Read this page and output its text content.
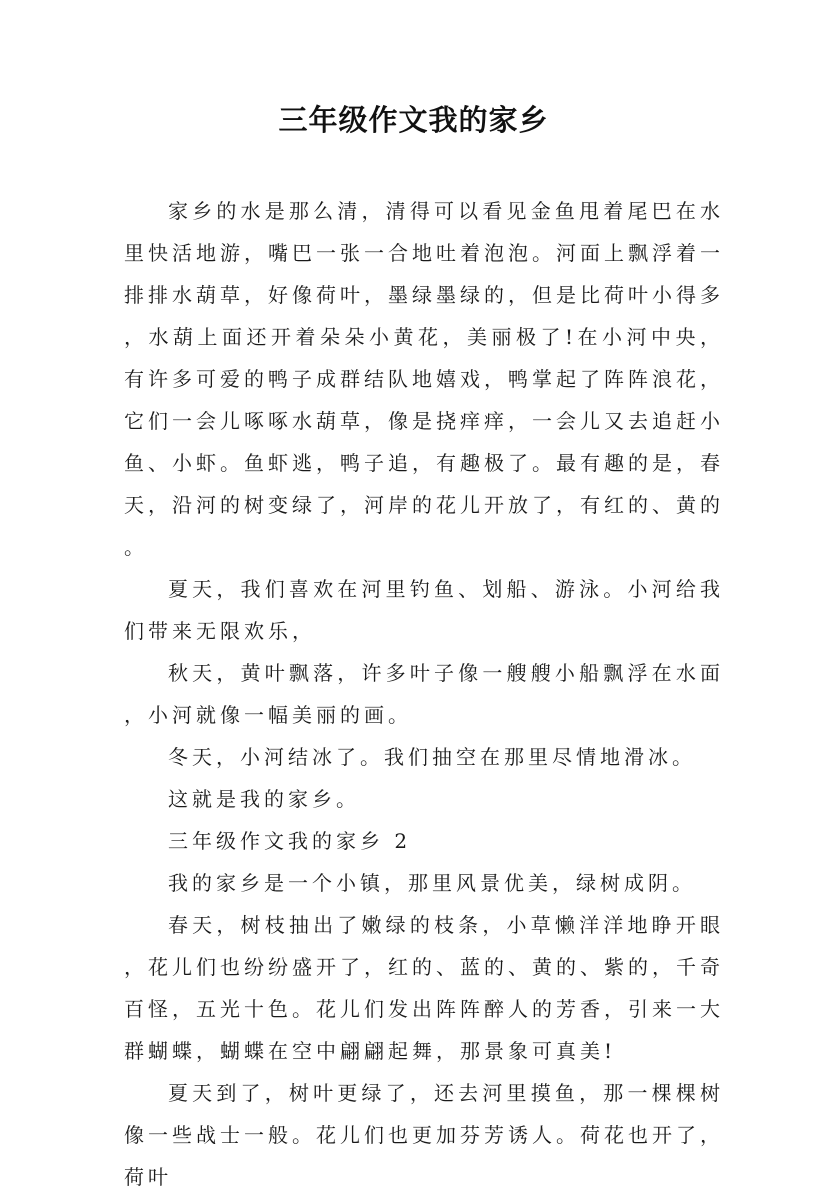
三年级作文我的家乡

家乡的水是那么清，清得可以看见金鱼甩着尾巴在水里快活地游，嘴巴一张一合地吐着泡泡。河面上飘浮着一排排水葫草，好像荷叶，墨绿墨绿的，但是比荷叶小得多，水葫上面还开着朵朵小黄花，美丽极了!在小河中央，有许多可爱的鸭子成群结队地嬉戏，鸭掌起了阵阵浪花，它们一会儿啄啄水葫草，像是挠痒痒，一会儿又去追赶小鱼、小虾。鱼虾逃，鸭子追，有趣极了。最有趣的是，春天，沿河的树变绿了，河岸的花儿开放了，有红的、黄的。

夏天，我们喜欢在河里钓鱼、划船、游泳。小河给我们带来无限欢乐，

秋天，黄叶飘落，许多叶子像一艘艘小船飘浮在水面，小河就像一幅美丽的画。

冬天，小河结冰了。我们抽空在那里尽情地滑冰。

这就是我的家乡。

三年级作文我的家乡 2

我的家乡是一个小镇，那里风景优美，绿树成阴。

春天，树枝抽出了嫩绿的枝条，小草懒洋洋地睁开眼，花儿们也纷纷盛开了，红的、蓝的、黄的、紫的，千奇百怪，五光十色。花儿们发出阵阵醉人的芳香，引来一大群蝴蝶，蝴蝶在空中翩翩起舞，那景象可真美!

夏天到了，树叶更绿了，还去河里摸鱼，那一棵棵树像一些战士一般。花儿们也更加芬芳诱人。荷花也开了，荷叶
